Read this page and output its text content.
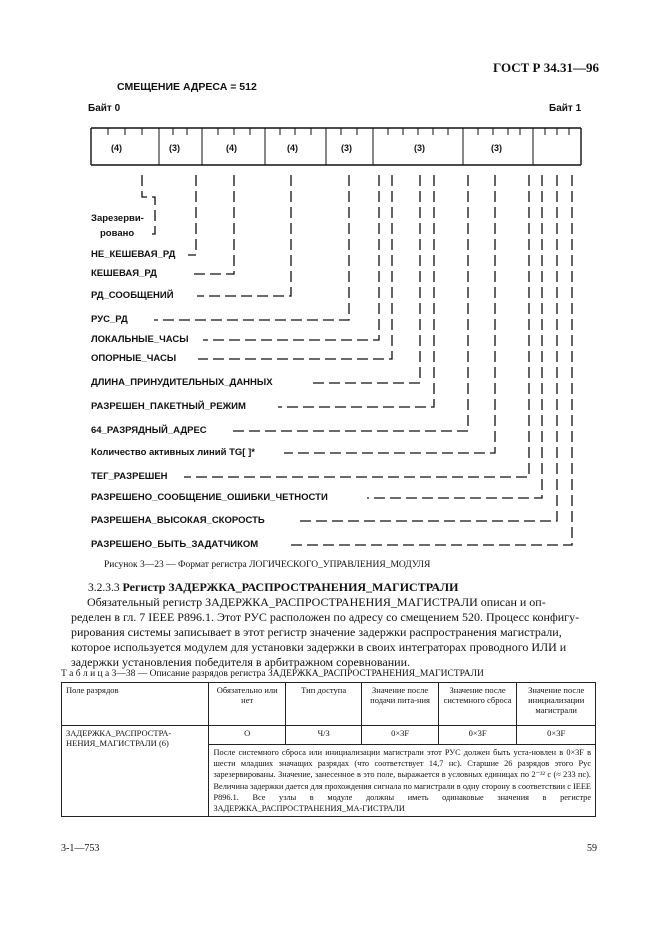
ГОСТ Р 34.31—96
СМЕЩЕНИЕ АДРЕСА = 512
Байт 0	Байт 1
(4)	(3)	(4)	(4)	(3)	(3)	(3)
Зарезерви-
ровано
НЕ_КЕШЕВАЯ_РД
КЕШЕВАЯ_РД
РД_СООБЩЕНИЙ
РУС_РД
ЛОКАЛЬНЫЕ_ЧАСЫ
ОПОРНЫЕ_ЧАСЫ
ДЛИНА_ПРИНУДИТЕЛЬНЫХ_ДАННЫХ
РАЗРЕШЕН_ПАКЕТНЫЙ_РЕЖИМ
64_РАЗРЯДНЫЙ_АДРЕС
Количество активных линий TG[ ]*
ТЕГ_РАЗРЕШЕН
РАЗРЕШЕНО_СООБЩЕНИЕ_ОШИБКИ_ЧЕТНОСТИ
РАЗРЕШЕНА_ВЫСОКАЯ_СКОРОСТЬ
РАЗРЕШЕНО_БЫТЬ_ЗАДАТЧИКОМ
Рисунок 3—23 — Формат регистра ЛОГИЧЕСКОГО_УПРАВЛЕНИЯ_МОДУЛЯ
3.2.3.3 Регистр ЗАДЕРЖКА_РАСПРОСТРАНЕНИЯ_МАГИСТРАЛИ
Обязательный регистр ЗАДЕРЖКА_РАСПРОСТРАНЕНИЯ_МАГИСТРАЛИ описан и оп-
ределен в гл. 7 IEEE P896.1. Этот РУС расположен по адресу со смещением 520. Процесс конфигу-
рирования системы записывает в этот регистр значение задержки распространения магистрали,
которое используется модулем для установки задержки в своих интеграторах проводного ИЛИ и
задержки установления победителя в арбитражном соревновании.
Т а б л и ц а 3—38 — Описание разрядов регистра ЗАДЕРЖКА_РАСПРОСТРАНЕНИЯ_МАГИСТРАЛИ
Поле разрядов	Обязательно или нет	Тип доступа	Значение после подачи пита-ния	Значение после системного сброса	Значение после инициализации магистрали
ЗАДЕРЖКА_РАСПРОСТРА-НЕНИЯ_МАГИСТРАЛИ (6)	О	Ч/З	0×3F	0×3F	0×3F
	После системного сброса или инициализации магистрали этот РУС должен быть уста-новлен в 0×3F в шести младших значащих разрядах (что соответствует 14,7 нс). Старшие 26 разрядов этого Рус зарезервированы. Значение, занесенное в это поле, выражается в условных единицах по 2⁻³² с (≈ 233 пс). Величина задержки дается для прохождения сигнала по магистрали в одну сторону в соответствии с IEEE P896.1. Все узлы в модуле должны иметь одинаковые значения в регистре ЗАДЕРЖКА_РАСПРОСТРАНЕНИЯ_МА-ГИСТРАЛИ				
3-1—753	59
